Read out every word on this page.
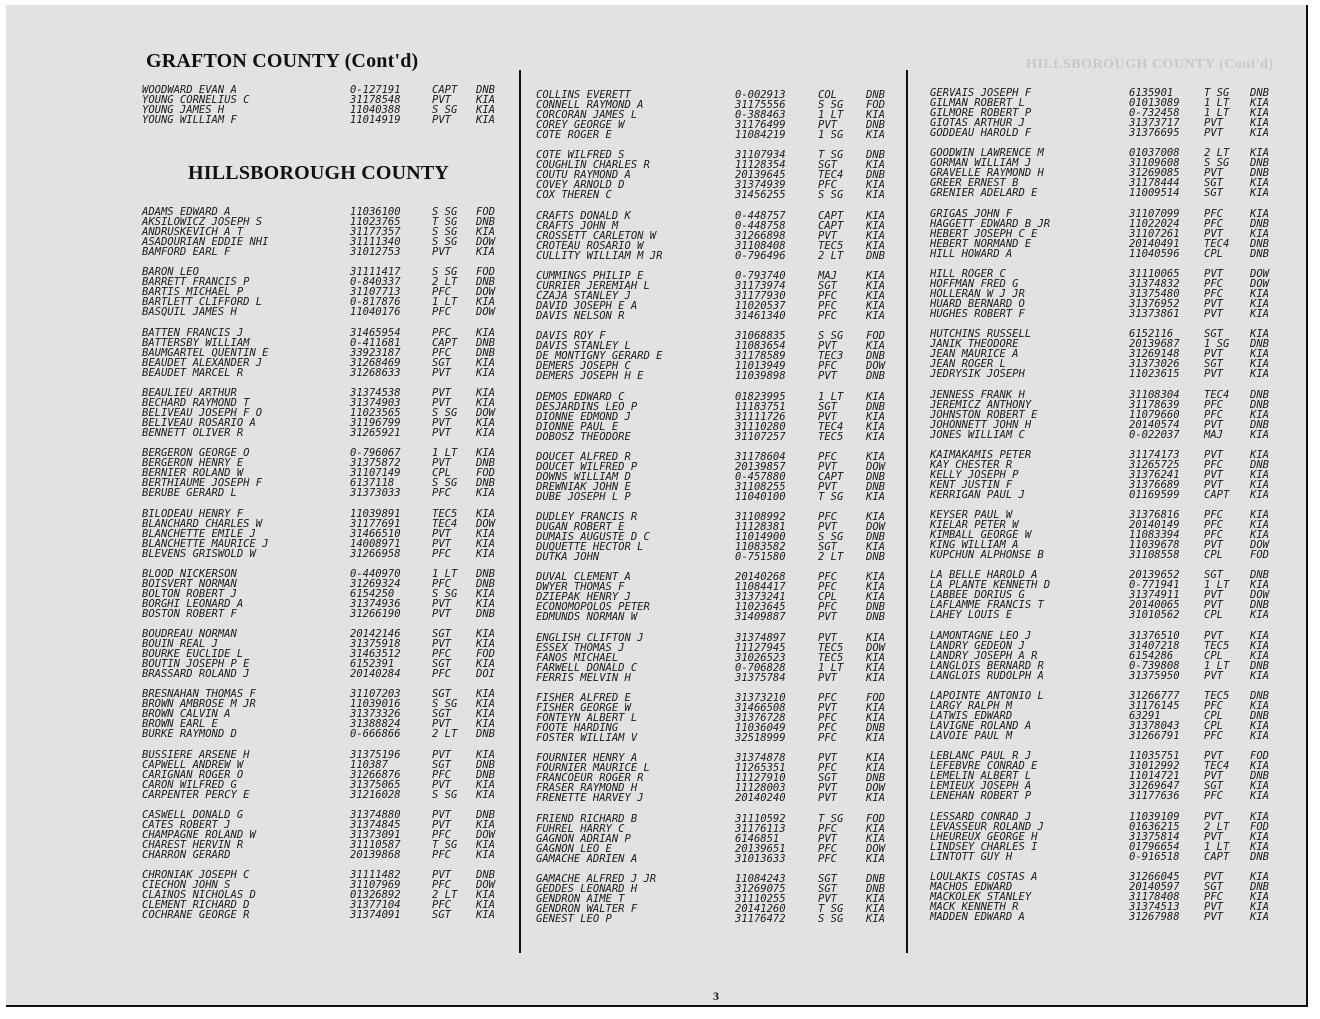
HILLSBOROUGH COUNTY (Cont'd)
GRAFTON COUNTY (Cont'd)
HILLSBOROUGH COUNTY
WOODWARD EVAN A	0-127191	CAPT DNB
YOUNG CORNELIUS C	31178548	PVT KIA
YOUNG JAMES H	11040388	S SG KIA
YOUNG WILLIAM F	11014919	PVT KIA
ADAMS EDWARD A	11036100	S SG FOD
AKSILOWICZ JOSEPH S	11023765	T SG DNB
ANDRUSKEVICH A T	31177357	S SG KIA
ASADOURIAN EDDIE NHI	31111340	S SG DOW
BAMFORD EARL F	31012753	PVT KIA
BARON LEO	31111417	S SG FOD
BARRETT FRANCIS P	0-840337	2 LT DNB
BARTIS MICHAEL P	31107713	PFC DOW
BARTLETT CLIFFORD L	0-817876	1 LT KIA
BASQUIL JAMES H	11040176	PFC DOW
BATTEN FRANCIS J	31465954	PFC KIA
BATTERSBY WILLIAM	0-411681	CAPT DNB
BAUMGARTEL QUENTIN E	33923187	PFC DNB
BEAUDET ALEXANDER J	31268469	SGT KIA
BEAUDET MARCEL R	31268633	PVT KIA
BEAULIEU ARTHUR	31374538	PVT KIA
BECHARD RAYMOND T	31374903	PVT KIA
BELIVEAU JOSEPH F O	11023565	S SG DOW
BELIVEAU ROSARIO A	31196799	PVT KIA
BENNETT OLIVER R	31265921	PVT KIA
BERGERON GEORGE O	0-796067	1 LT KIA
BERGERON HENRY E	31375872	PVT DNB
BERNIER ROLAND W	31107149	CPL FOD
BERTHIAUME JOSEPH F	6137118	S SG DNB
BERUBE GERARD L	31373033	PFC KIA
BILODEAU HENRY F	11039891	TEC5 KIA
BLANCHARD CHARLES W	31177691	TEC4 DOW
BLANCHETTE EMILE J	31466510	PVT KIA
BLANCHETTE MAURICE J	14008971	PVT KIA
BLEVENS GRISWOLD W	31266958	PFC KIA
BLOOD NICKERSON	0-440970	1 LT DNB
BOISVERT NORMAN	31269324	PFC DNB
BOLTON ROBERT J	6154250	S SG KIA
BORGHI LEONARD A	31374936	PVT KIA
BOSTON ROBERT F	31266190	PVT DNB
BOUDREAU NORMAN	20142146	SGT KIA
BOUIN REAL J	31375918	PVT KIA
BOURKE EUCLIDE L	31463512	PFC FOD
BOUTIN JOSEPH P E	6152391	SGT KIA
BRASSARD ROLAND J	20140284	PFC DOI
BRESNAHAN THOMAS F	31107203	SGT KIA
BROWN AMBROSE M JR	11039016	S SG KIA
BROWN CALVIN A	31373326	SGT KIA
BROWN EARL E	31388824	PVT KIA
BURKE RAYMOND D	0-666866	2 LT DNB
BUSSIERE ARSENE H	31375196	PVT KIA
CAPWELL ANDREW W	110387	SGT DNB
CARIGNAN ROGER O	31266876	PFC DNB
CARON WILFRED G	31375065	PVT KIA
CARPENTER PERCY E	31216028	S SG KIA
CASWELL DONALD G	31374880	PVT DNB
CATES ROBERT J	31374845	PVT KIA
CHAMPAGNE ROLAND W	31373091	PFC DOW
CHAREST HERVIN R	31110587	T SG KIA
CHARRON GERARD	20139868	PFC KIA
CHRONIAK JOSEPH C	31111482	PVT DNB
CIECHON JOHN S	31107969	PFC DOW
CLAINOS NICHOLAS D	01326892	2 LT KIA
CLEMENT RICHARD D	31377104	PFC KIA
COCHRANE GEORGE R	31374091	SGT KIA
COLLINS EVERETT	0-002913	COL	DNB
CONNELL RAYMOND A	31175556	S SG FOD
CORCORAN JAMES L	0-388463	1 LT KIA
COREY GEORGE W	31176499	PVT	DNB
COTE ROGER E	11084219	1 SG KIA
COTE WILFRED S	31107934	T SG DNB
COUGHLIN CHARLES R	11128354	SGT	KIA
COUTU RAYMOND A	20139645	TEC4 DNB
COVEY ARNOLD D	31374939	PFC	KIA
COX THEREN C	31456255	S SG KIA
CRAFTS DONALD K	0-448757	CAPT KIA
CRAFTS JOHN M	0-448758	CAPT KIA
CROSSETT CARLETON W	31266898	PVT	KIA
CROTEAU ROSARIO W	31108408	TEC5 KIA
CULLITY WILLIAM M JR	0-796496	2 LT DNB
CUMMINGS PHILIP E	0-793740	MAJ	KIA
CURRIER JEREMIAH L	31173974	SGT	KIA
CZAJA STANLEY J	31177930	PFC	KIA
DAVID JOSEPH E A	11020537	PFC	KIA
DAVIS NELSON R	31461340	PFC	KIA
DAVIS ROY F	31068835	S SG FOD
DAVIS STANLEY L	11083654	PVT	KIA
DE MONTIGNY GERARD E	31178589	TEC3 DNB
DEMERS JOSEPH C	11013949	PFC	DOW
DEMERS JOSEPH H E	11039898	PVT	DNB
DEMOS EDWARD C	01823995	1 LT KIA
DESJARDINS LEO P	11183751	SGT	DNB
DIONNE EDMOND J	31111726	PVT	KIA
DIONNE PAUL E	31110280	TEC4 KIA
DOBOSZ THEODORE	31107257	TEC5 KIA
DOUCET ALFRED R	31178604	PFC	KIA
DOUCET WILFRED P	20139857	PVT	DOW
DOWNS WILLIAM D	0-457880	CAPT DNB
DREWNIAK JOHN E	31108255	PVT	DNB
DUBE JOSEPH L P	11040100	T SG KIA
DUDLEY FRANCIS R	31108992	PFC	KIA
DUGAN ROBERT E	11128381	PVT	DOW
DUMAIS AUGUSTE D C	11014900	S SG DNB
DUQUETTE HECTOR L	11083582	SGT	KIA
DUTKA JOHN	0-751580	2 LT DNB
DUVAL CLEMENT A	20140268	PFC	KIA
DWYER THOMAS F	11084417	PFC	KIA
DZIEPAK HENRY J	31373241	CPL	KIA
ECONOMOPOLOS PETER	11023645	PFC	DNB
EDMUNDS NORMAN W	31409887	PVT	DNB
ENGLISH CLIFTON J	31374897	PVT	KIA
ESSEX THOMAS J	11127945	TEC5 DOW
FANOS MICHAEL	31026523	TEC5 KIA
FARWELL DONALD C	0-706828	1 LT KIA
FERRIS MELVIN H	31375784	PVT	KIA
FISHER ALFRED E	31373210	PFC	FOD
FISHER GEORGE W	31466508	PVT	KIA
FONTEYN ALBERT L	31376728	PFC	KIA
FOOTE HARDING	11036049	PFC	DNB
FOSTER WILLIAM V	32518999	PFC	KIA
FOURNIER HENRY A	31374878	PVT	KIA
FOURNIER MAURICE L	11265351	PFC	KIA
FRANCOEUR ROGER R	11127910	SGT	DNB
FRASER RAYMOND H	11128003	PVT	DOW
FRENETTE HARVEY J	20140240	PVT	KIA
FRIEND RICHARD B	31110592	T SG FOD
FUHREL HARRY C	31176113	PFC	KIA
GAGNON ADRIAN P	6146851	PVT	KIA
GAGNON LEO E	20139651	PFC	DOW
GAMACHE ADRIEN A	31013633	PFC	KIA
GAMACHE ALFRED J JR	11084243	SGT	DNB
GEDDES LEONARD H	31269075	SGT	DNB
GENDRON AIME T	31110255	PVT	KIA
GENDRON WALTER F	20141260	T SG KIA
GENEST LEO P	31176472	S SG KIA
GERVAIS JOSEPH F	6135901	T SG DNB
GILMAN ROBERT L	01013089 1 LT KIA
GILMORE ROBERT P	0-732458 1 LT KIA
GIOTAS ARTHUR J	31373717 PVT	KIA
GODDEAU HAROLD F	31376695 PVT	KIA
GOODWIN LAWRENCE M	01037008 2 LT KIA
GORMAN WILLIAM J	31109608 S SG DNB
GRAVELLE RAYMOND H	31269085 PVT	DNB
GREER ERNEST B	31178444 SGT	KIA
GRENIER ADELARD E	11009514 SGT	KIA
GRIGAS JOHN F	31107099 PFC	KIA
HAGGETT EDWARD B JR	11022024 PFC	DNB
HEBERT JOSEPH C E	31107261 PVT	KIA
HEBERT NORMAND E	20140491 TEC4 DNB
HILL HOWARD A	11040596 CPL	DNB
HILL ROGER C	31110065 PVT	DOW
HOFFMAN FRED G	31374832 PFC	DOW
HOLLERAN W J JR	31375480 PFC	KIA
HUARD BERNARD O	31376952 PVT	KIA
HUGHES ROBERT F	31373861 PVT	KIA
HUTCHINS RUSSELL	6152116	SGT	KIA
JANIK THEODORE	20139687 1 SG DNB
JEAN MAURICE A	31269148 PVT	KIA
JEAN ROGER L	31373026 SGT	KIA
JEDRYSIK JOSEPH	11023615 PVT	KIA
JENNESS FRANK H	31108304 TEC4 DNB
JEREMICZ ANTHONY	31178639 PFC	DNB
JOHNSTON ROBERT E	11079660 PFC	KIA
JOHONNETT JOHN H	20140574 PVT	DNB
JONES WILLIAM C	0-022037 MAJ	KIA
KAIMAKAMIS PETER	31174173 PVT	KIA
KAY CHESTER R	31265725 PFC	DNB
KELLY JOSEPH P	31376241 PVT	KIA
KENT JUSTIN F	31376689 PVT	KIA
KERRIGAN PAUL J	01169599 CAPT KIA
KEYSER PAUL W	31376816 PFC	KIA
KIELAR PETER W	20140149 PFC	KIA
KIMBALL GEORGE W	11083394 PFC	KIA
KING WILLIAM A	11039678 PVT	DOW
KUPCHUN ALPHONSE B	31108558 CPL	FOD
LA BELLE HAROLD A	20139652 SGT	DNB
LA PLANTE KENNETH D	0-771941 1 LT KIA
LABBEE DORIUS G	31374911 PVT	DOW
LAFLAMME FRANCIS T	20140065 PVT	DNB
LAHEY LOUIS E	31010562 CPL	KIA
LAMONTAGNE LEO J	31376510 PVT	KIA
LANDRY GEDEON J	31407218 TEC5 KIA
LANDRY JOSEPH A R	6154286	CPL	KIA
LANGLOIS BERNARD R	0-739808 1 LT DNB
LANGLOIS RUDOLPH A	31375950 PVT	KIA
LAPOINTE ANTONIO L	31266777 TEC5 DNB
LARGY RALPH M	31176145 PFC	KIA
LATWIS EDWARD	63291	CPL	DNB
LAVIGNE ROLAND A	31378043 CPL	KIA
LAVOIE PAUL M	31266791 PFC	KIA
LEBLANC PAUL R J	11035751 PVT	FOD
LEFEBVRE CONRAD E	31012992 TEC4 KIA
LEMELIN ALBERT L	11014721 PVT	DNB
LEMIEUX JOSEPH A	31269647 SGT	KIA
LENEHAN ROBERT P	31177636 PFC	KIA
LESSARD CONRAD J	11039109 PVT	KIA
LEVASSEUR ROLAND J	01636215 2 LT FOD
LHEUREUX GEORGE H	31375814 PVT	KIA
LINDSEY CHARLES I	01796654 1 LT KIA
LINTOTT GUY H	0-916518 CAPT DNB
LOULAKIS COSTAS A	31266045 PVT	KIA
MACHOS EDWARD	20140597 SGT	DNB
MACKOLEK STANLEY	31178408 PFC	KIA
MACK KENNETH R	31374513 PVT	KIA
MADDEN EDWARD A	31267988 PVT	KIA
3
